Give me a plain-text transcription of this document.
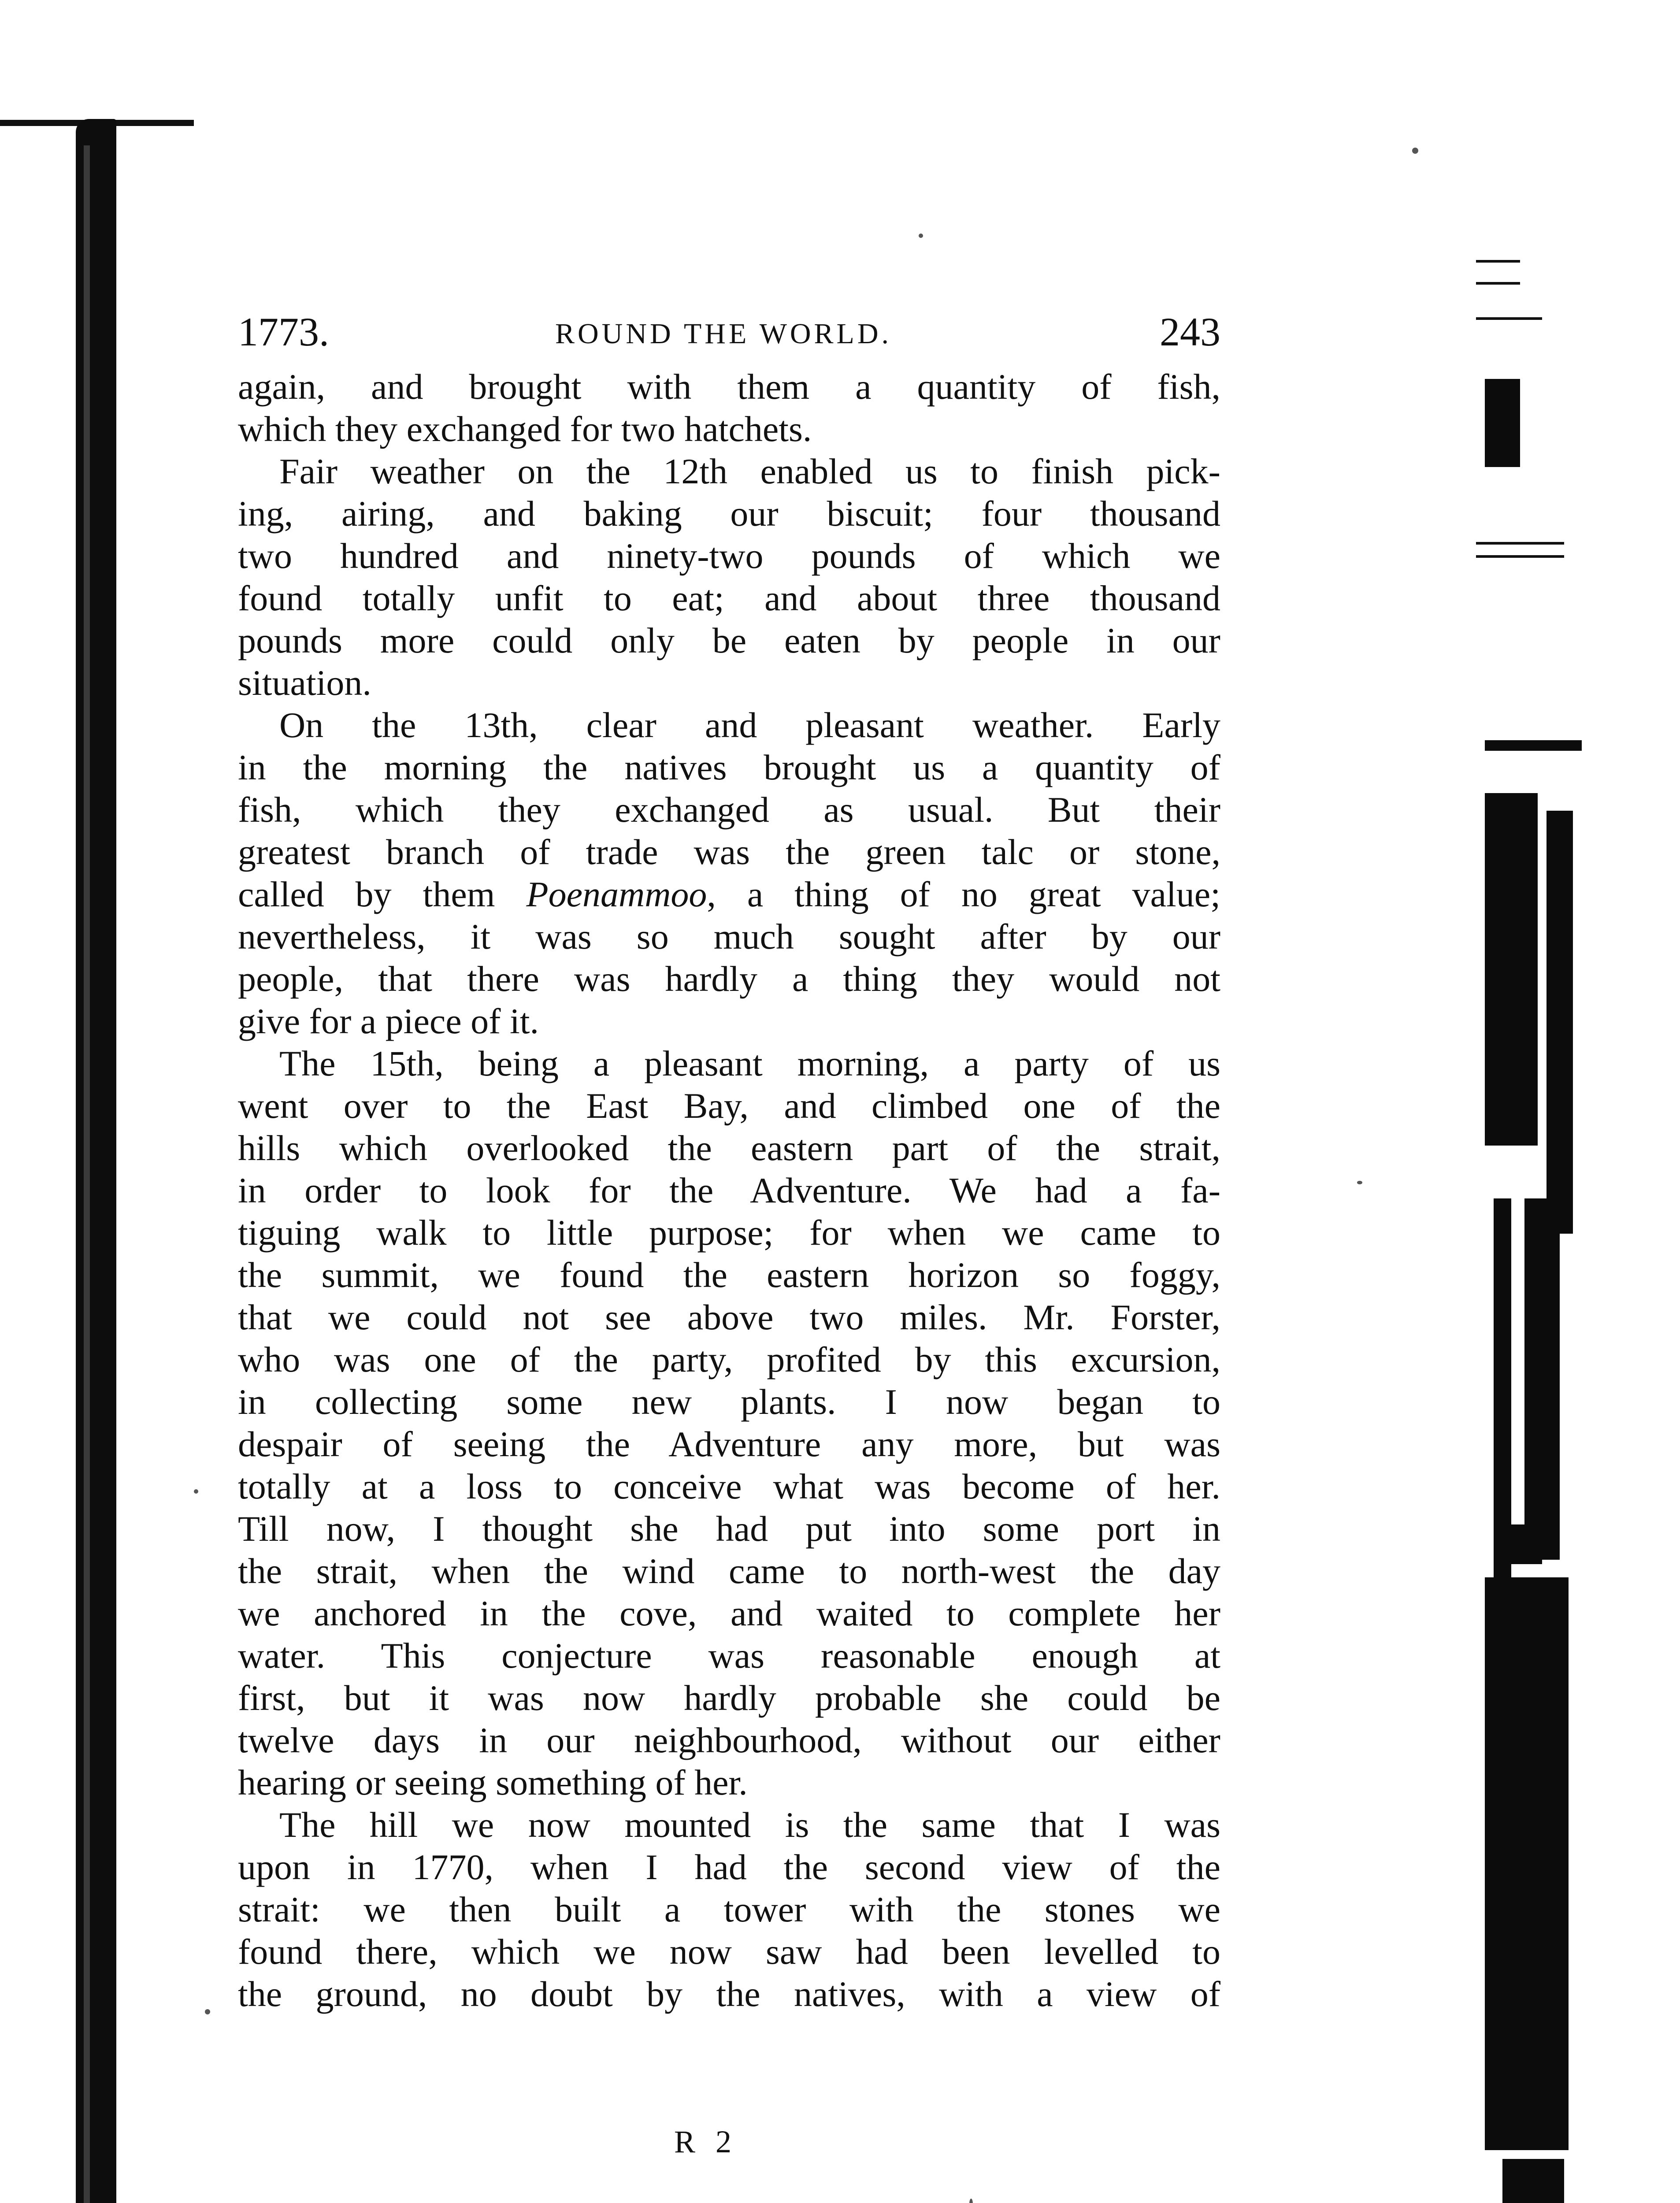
1773.	ROUND THE WORLD.	243
again, and brought with them a quantity of fish,
which they exchanged for two hatchets.
Fair weather on the 12th enabled us to finish pick-
ing, airing, and baking our biscuit; four thousand
two hundred and ninety-two pounds of which we
found totally unfit to eat; and about three thousand
pounds more could only be eaten by people in our
situation.
On the 13th, clear and pleasant weather. Early
in the morning the natives brought us a quantity of
fish, which they exchanged as usual. But their
greatest branch of trade was the green talc or stone,
called by them Poenammoo, a thing of no great value;
nevertheless, it was so much sought after by our
people, that there was hardly a thing they would not
give for a piece of it.
The 15th, being a pleasant morning, a party of us
went over to the East Bay, and climbed one of the
hills which overlooked the eastern part of the strait,
in order to look for the Adventure. We had a fa-
tiguing walk to little purpose; for when we came to
the summit, we found the eastern horizon so foggy,
that we could not see above two miles. Mr. Forster,
who was one of the party, profited by this excursion,
in collecting some new plants. I now began to
despair of seeing the Adventure any more, but was
totally at a loss to conceive what was become of her.
Till now, I thought she had put into some port in
the strait, when the wind came to north-west the day
we anchored in the cove, and waited to complete her
water. This conjecture was reasonable enough at
first, but it was now hardly probable she could be
twelve days in our neighbourhood, without our either
hearing or seeing something of her.
The hill we now mounted is the same that I was
upon in 1770, when I had the second view of the
strait: we then built a tower with the stones we
found there, which we now saw had been levelled to
the ground, no doubt by the natives, with a view of
R 2
